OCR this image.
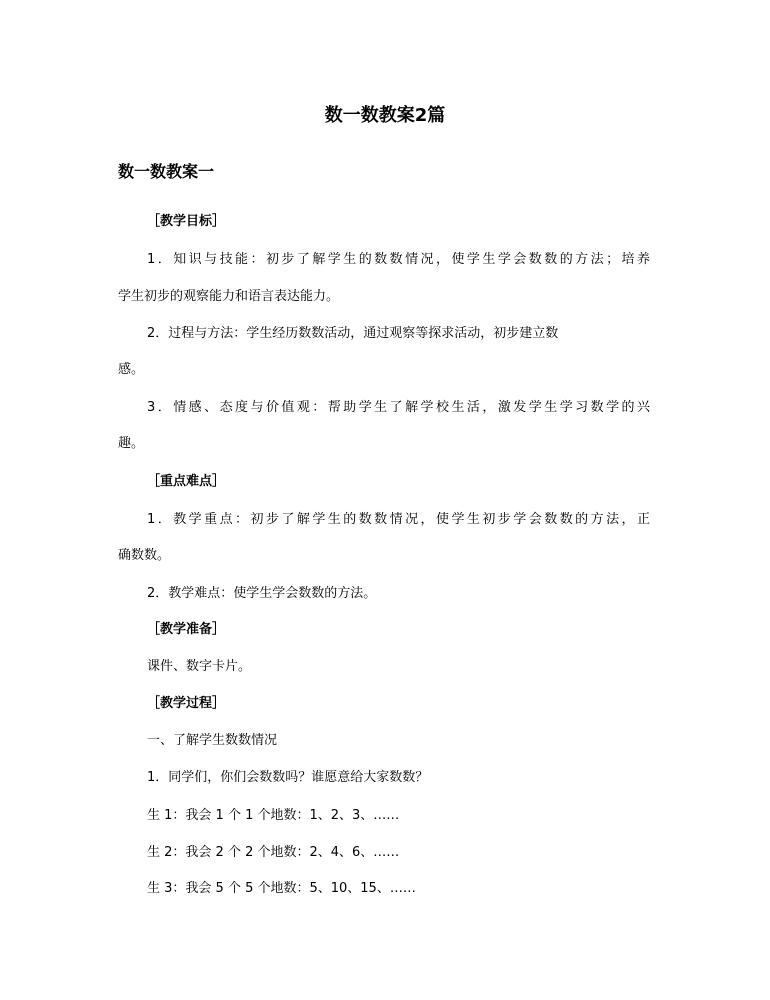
数一数教案2篇
数一数教案一
［教学目标］
1．知识与技能：初步了解学生的数数情况，使学生学会数数的方法；培养
学生初步的观察能力和语言表达能力。
2．过程与方法：学生经历数数活动，通过观察等探求活动，初步建立数
感。
3．情感、态度与价值观：帮助学生了解学校生活，激发学生学习数学的兴
趣。
［重点难点］
1．教学重点：初步了解学生的数数情况，使学生初步学会数数的方法，正
确数数。
2．教学难点：使学生学会数数的方法。
［教学准备］
课件、数字卡片。
［教学过程］
一、了解学生数数情况
1．同学们，你们会数数吗？谁愿意给大家数数？
生 1：我会 1 个 1 个地数：1、2、3、……
生 2：我会 2 个 2 个地数：2、4、6、……
生 3：我会 5 个 5 个地数：5、10、15、……
